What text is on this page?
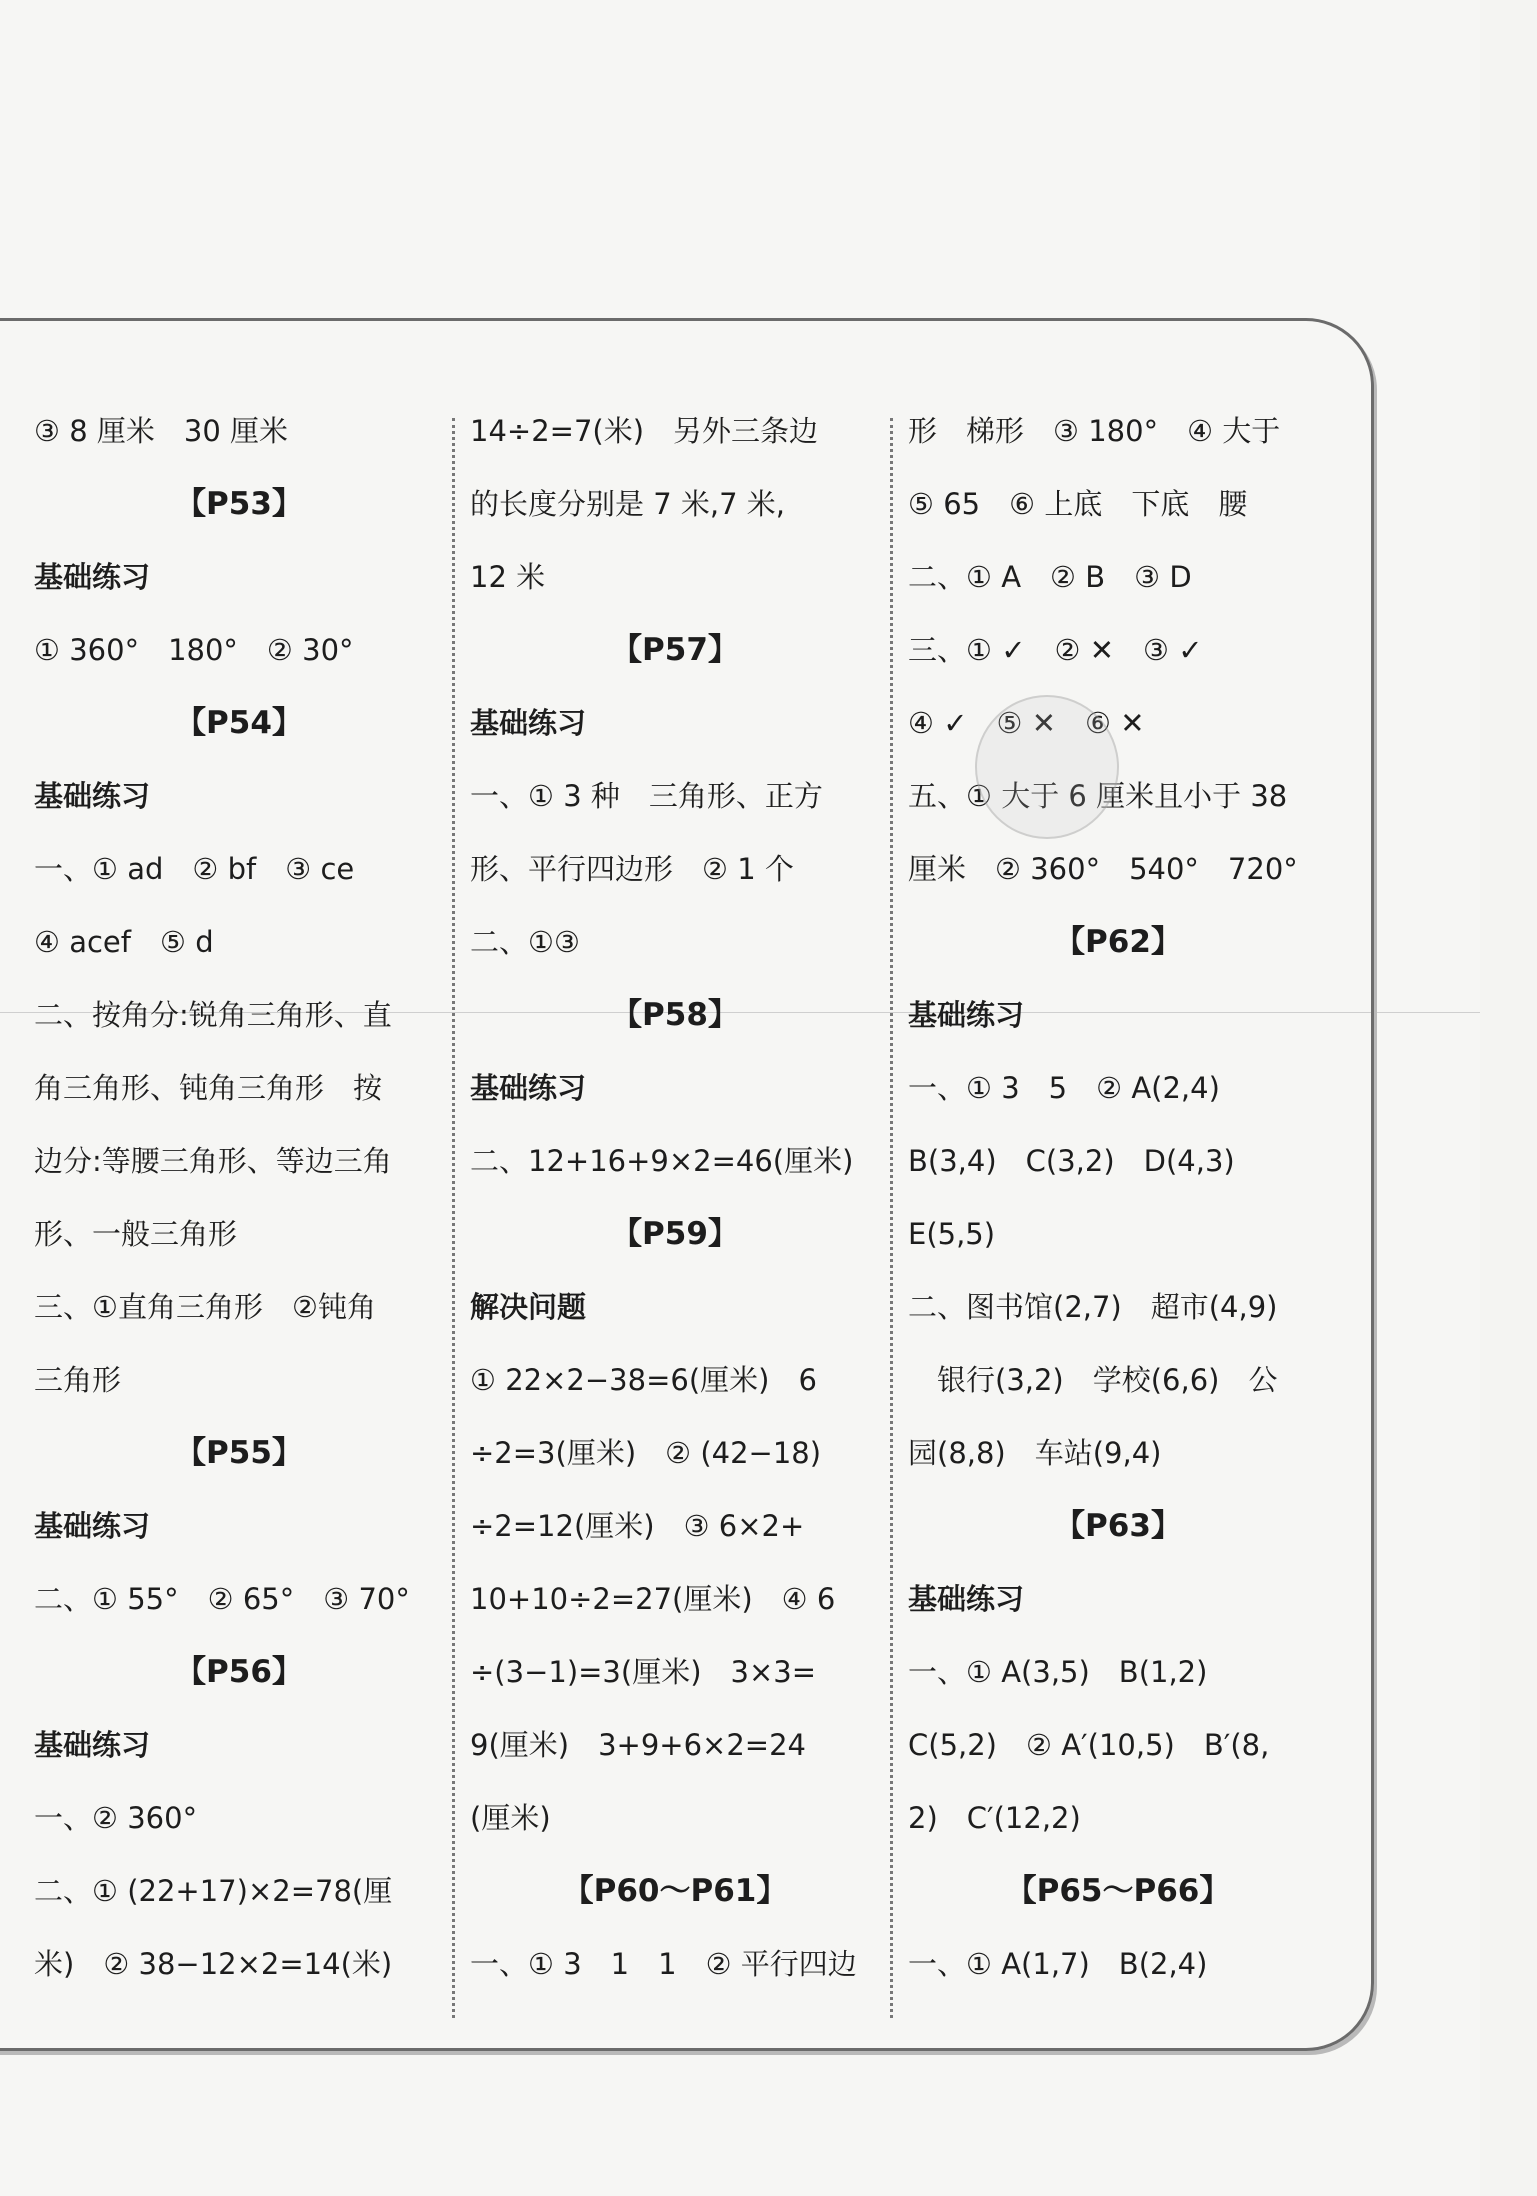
③ 8 厘米　30 厘米
【P53】
基础练习
① 360°　180°　② 30°
【P54】
基础练习
一、① ad　② bf　③ ce
④ acef　⑤ d
二、按角分:锐角三角形、直
角三角形、钝角三角形　按
边分:等腰三角形、等边三角
形、一般三角形
三、①直角三角形　②钝角
三角形
【P55】
基础练习
二、① 55°　② 65°　③ 70°
【P56】
基础练习
一、② 360°
二、① (22+17)×2=78(厘
米)　② 38−12×2=14(米)
14÷2=7(米)　另外三条边
的长度分别是 7 米,7 米,
12 米
【P57】
基础练习
一、① 3 种　三角形、正方
形、平行四边形　② 1 个
二、①③
【P58】
基础练习
二、12+16+9×2=46(厘米)
【P59】
解决问题
① 22×2−38=6(厘米)　6
÷2=3(厘米)　② (42−18)
÷2=12(厘米)　③ 6×2+
10+10÷2=27(厘米)　④ 6
÷(3−1)=3(厘米)　3×3=
9(厘米)　3+9+6×2=24
(厘米)
【P60～P61】
一、① 3　1　1　② 平行四边
形　梯形　③ 180°　④ 大于
⑤ 65　⑥ 上底　下底　腰
二、① A　② B　③ D
三、① ✓　② ✕　③ ✓
④ ✓　⑤ ✕　⑥ ✕
五、① 大于 6 厘米且小于 38
厘米　② 360°　540°　720°
【P62】
基础练习
一、① 3　5　② A(2,4)
B(3,4)　C(3,2)　D(4,3)
E(5,5)
二、图书馆(2,7)　超市(4,9)
　银行(3,2)　学校(6,6)　公
园(8,8)　车站(9,4)
【P63】
基础练习
一、① A(3,5)　B(1,2)
C(5,2)　② A′(10,5)　B′(8,
2)　C′(12,2)
【P65～P66】
一、① A(1,7)　B(2,4)
